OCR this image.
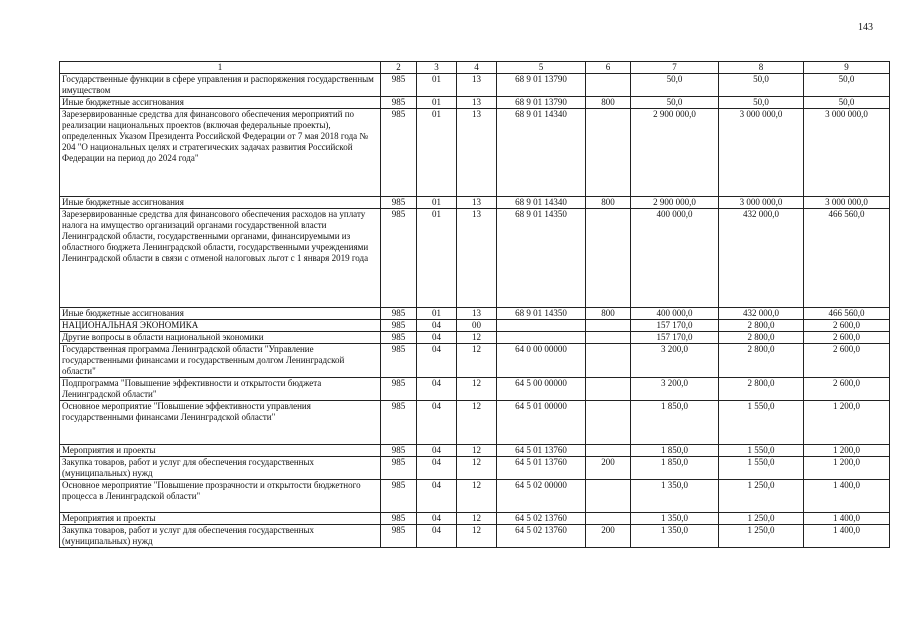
143
1	2	3	4	5	6	7	8	9
Государственные функции в сфере управления и распоряжения государственным имуществом	985	01	13	68 9 01 13790		50,0	50,0	50,0
Иные бюджетные ассигнования	985	01	13	68 9 01 13790	800	50,0	50,0	50,0
Зарезервированные средства для финансового обеспечения мероприятий по реализации национальных проектов (включая федеральные проекты), определенных Указом Президента Российской Федерации от 7 мая 2018 года № 204 "О национальных целях и стратегических задачах развития Российской Федерации на период до 2024 года"	985	01	13	68 9 01 14340		2 900 000,0	3 000 000,0	3 000 000,0
Иные бюджетные ассигнования	985	01	13	68 9 01 14340	800	2 900 000,0	3 000 000,0	3 000 000,0
Зарезервированные средства для финансового обеспечения расходов на уплату налога на имущество организаций органами государственной власти Ленинградской области, государственными органами, финансируемыми из областного бюджета Ленинградской области, государственными учреждениями Ленинградской области в связи с отменой налоговых льгот с 1 января 2019 года	985	01	13	68 9 01 14350		400 000,0	432 000,0	466 560,0
Иные бюджетные ассигнования	985	01	13	68 9 01 14350	800	400 000,0	432 000,0	466 560,0
НАЦИОНАЛЬНАЯ ЭКОНОМИКА	985	04	00			157 170,0	2 800,0	2 600,0
Другие вопросы в области национальной экономики	985	04	12			157 170,0	2 800,0	2 600,0
Государственная программа Ленинградской области "Управление государственными финансами и государственным долгом Ленинградской области"	985	04	12	64 0 00 00000		3 200,0	2 800,0	2 600,0
Подпрограмма "Повышение эффективности и открытости бюджета Ленинградской области"	985	04	12	64 5 00 00000		3 200,0	2 800,0	2 600,0
Основное мероприятие "Повышение эффективности управления государственными финансами Ленинградской области"	985	04	12	64 5 01 00000		1 850,0	1 550,0	1 200,0
Мероприятия и проекты	985	04	12	64 5 01 13760		1 850,0	1 550,0	1 200,0
Закупка товаров, работ и услуг для обеспечения государственных (муниципальных) нужд	985	04	12	64 5 01 13760	200	1 850,0	1 550,0	1 200,0
Основное мероприятие "Повышение прозрачности и открытости бюджетного процесса в Ленинградской области"	985	04	12	64 5 02 00000		1 350,0	1 250,0	1 400,0
Мероприятия и проекты	985	04	12	64 5 02 13760		1 350,0	1 250,0	1 400,0
Закупка товаров, работ и услуг для обеспечения государственных (муниципальных) нужд	985	04	12	64 5 02 13760	200	1 350,0	1 250,0	1 400,0
